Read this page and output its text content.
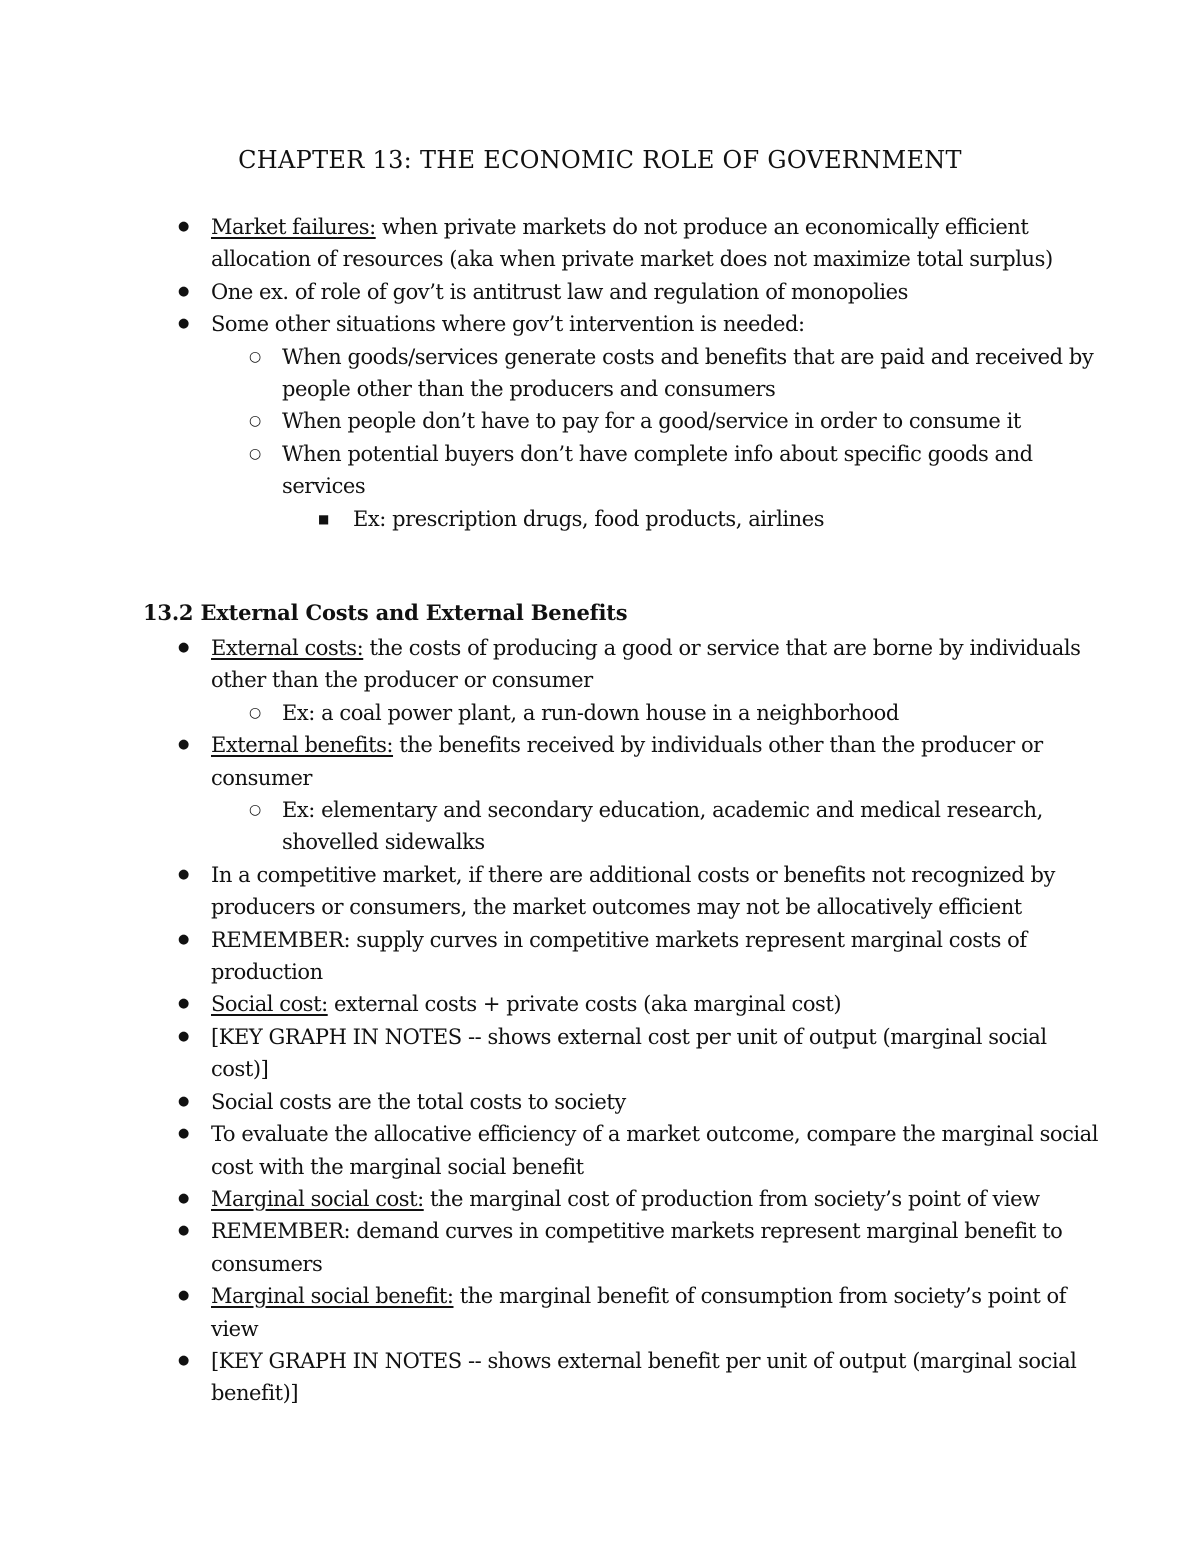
CHAPTER 13: THE ECONOMIC ROLE OF GOVERNMENT
● Market failures: when private markets do not produce an economically efficient allocation of resources (aka when private market does not maximize total surplus)
● One ex. of role of gov’t is antitrust law and regulation of monopolies
● Some other situations where gov’t intervention is needed:
○ When goods/services generate costs and benefits that are paid and received by people other than the producers and consumers
○ When people don’t have to pay for a good/service in order to consume it
○ When potential buyers don’t have complete info about specific goods and services
■ Ex: prescription drugs, food products, airlines
13.2 External Costs and External Benefits
● External costs: the costs of producing a good or service that are borne by individuals other than the producer or consumer
○ Ex: a coal power plant, a run-down house in a neighborhood
● External benefits: the benefits received by individuals other than the producer or consumer
○ Ex: elementary and secondary education, academic and medical research, shovelled sidewalks
● In a competitive market, if there are additional costs or benefits not recognized by producers or consumers, the market outcomes may not be allocatively efficient
● REMEMBER: supply curves in competitive markets represent marginal costs of production
● Social cost: external costs + private costs (aka marginal cost)
● [KEY GRAPH IN NOTES -- shows external cost per unit of output (marginal social cost)]
● Social costs are the total costs to society
● To evaluate the allocative efficiency of a market outcome, compare the marginal social cost with the marginal social benefit
● Marginal social cost: the marginal cost of production from society’s point of view
● REMEMBER: demand curves in competitive markets represent marginal benefit to consumers
● Marginal social benefit: the marginal benefit of consumption from society’s point of view
● [KEY GRAPH IN NOTES -- shows external benefit per unit of output (marginal social benefit)]
